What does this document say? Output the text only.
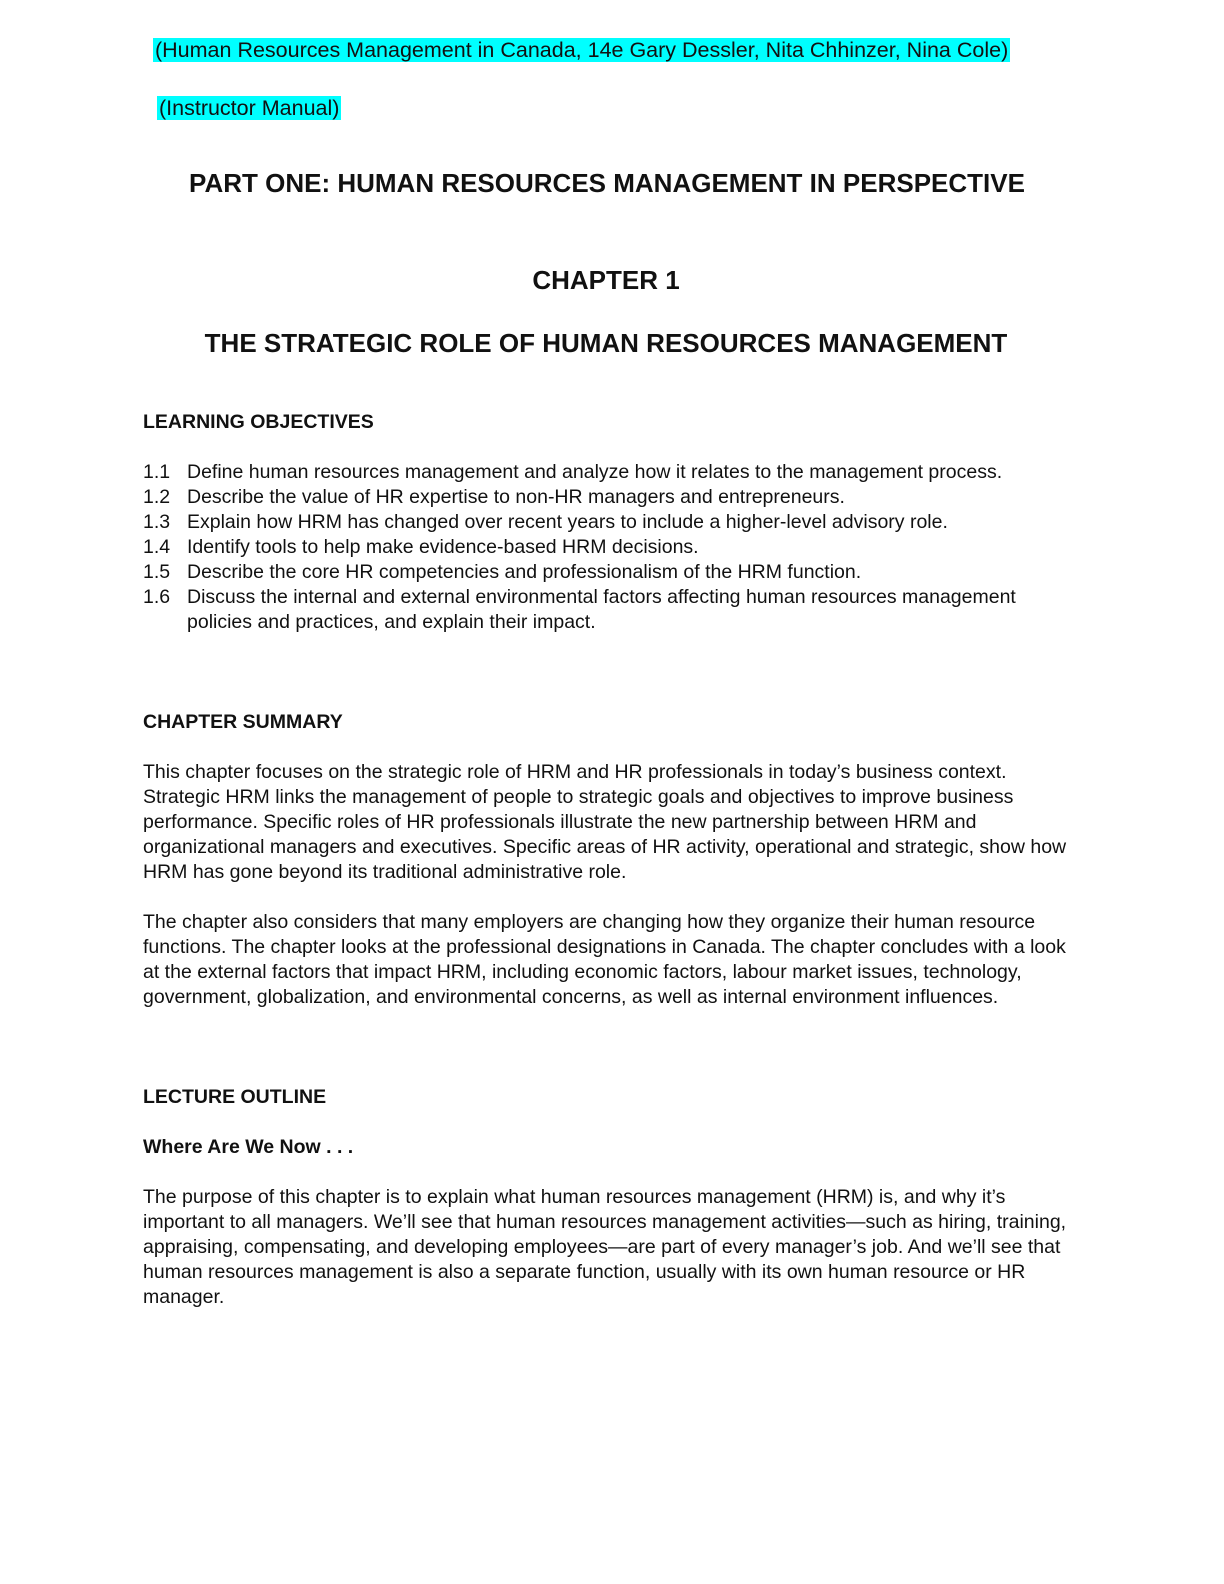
(Human Resources Management in Canada, 14e Gary Dessler, Nita Chhinzer, Nina Cole)
(Instructor Manual)
PART ONE: HUMAN RESOURCES MANAGEMENT IN PERSPECTIVE
CHAPTER 1
THE STRATEGIC ROLE OF HUMAN RESOURCES MANAGEMENT
LEARNING OBJECTIVES
1.1 Define human resources management and analyze how it relates to the management process.
1.2 Describe the value of HR expertise to non-HR managers and entrepreneurs.
1.3 Explain how HRM has changed over recent years to include a higher-level advisory role.
1.4 Identify tools to help make evidence-based HRM decisions.
1.5 Describe the core HR competencies and professionalism of the HRM function.
1.6 Discuss the internal and external environmental factors affecting human resources management policies and practices, and explain their impact.
CHAPTER SUMMARY

This chapter focuses on the strategic role of HRM and HR professionals in today’s business context. Strategic HRM links the management of people to strategic goals and objectives to improve business performance. Specific roles of HR professionals illustrate the new partnership between HRM and organizational managers and executives. Specific areas of HR activity, operational and strategic, show how HRM has gone beyond its traditional administrative role.

The chapter also considers that many employers are changing how they organize their human resource functions. The chapter looks at the professional designations in Canada. The chapter concludes with a look at the external factors that impact HRM, including economic factors, labour market issues, technology, government, globalization, and environmental concerns, as well as internal environment influences.

LECTURE OUTLINE
Where Are We Now . . .

The purpose of this chapter is to explain what human resources management (HRM) is, and why it’s important to all managers. We’ll see that human resources management activities—such as hiring, training, appraising, compensating, and developing employees—are part of every manager’s job. And we’ll see that human resources management is also a separate function, usually with its own human resource or HR manager.
